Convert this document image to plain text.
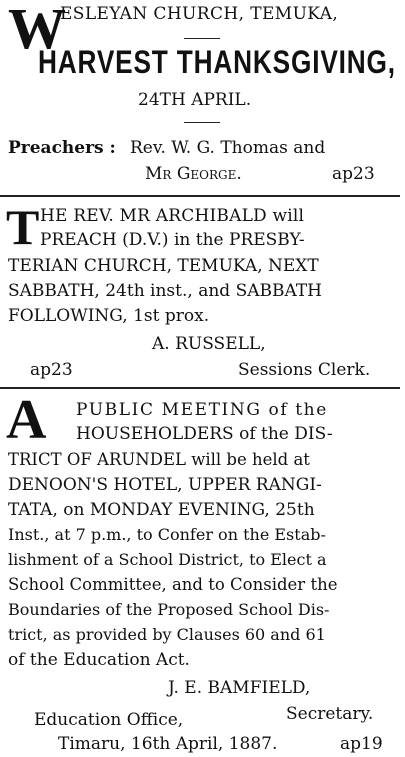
W
ESLEYAN CHURCH, TEMUKA,
HARVEST THANKSGIVING,
24TH APRIL.
Preachers : Rev. W. G. Thomas and
Mr George.	ap23
T HE REV. MR ARCHIBALD will
PREACH (D.V.) in the PRESBY-
TERIAN CHURCH, TEMUKA, NEXT
SABBATH, 24th inst., and SABBATH
FOLLOWING, 1st prox.
A. RUSSELL,
ap23	Sessions Clerk.
A PUBLIC MEETING of the
HOUSEHOLDERS of the DIS-
TRICT OF ARUNDEL will be held at
DENOON'S HOTEL, UPPER RANGI-
TATA, on MONDAY EVENING, 25th
Inst., at 7 p.m., to Confer on the Estab-
lishment of a School District, to Elect a
School Committee, and to Consider the
Boundaries of the Proposed School Dis-
trict, as provided by Clauses 60 and 61
of the Education Act.
J. E. BAMFIELD,
Secretary.
Education Office,
Timaru, 16th April, 1887.	ap19
